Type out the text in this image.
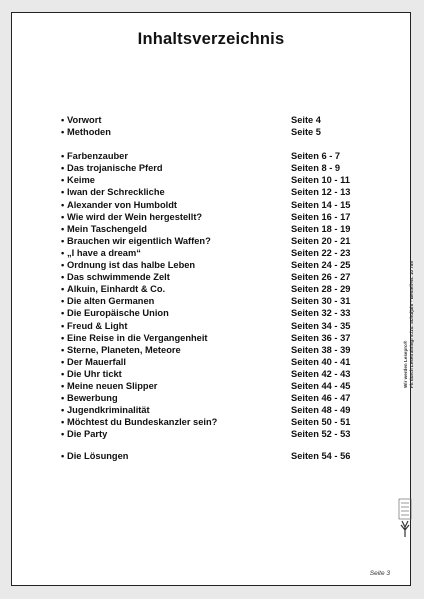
Inhaltsverzeichnis
• Vorwort	Seite 4
• Methoden	Seite 5
• Farbenzauber	Seiten 6 - 7
• Das trojanische Pferd	Seiten 8 - 9
• Keime	Seiten 10 - 11
• Iwan der Schreckliche	Seiten 12 - 13
• Alexander von Humboldt	Seiten 14 - 15
• Wie wird der Wein hergestellt?	Seiten 16 - 17
• Mein Taschengeld	Seiten 18 - 19
• Brauchen wir eigentlich Waffen?	Seiten 20 - 21
• „I have a dream“	Seiten 22 - 23
• Ordnung ist das halbe Leben	Seiten 24 - 25
• Das schwimmende Zelt	Seiten 26 - 27
• Alkuin, Einhardt & Co.	Seiten 28 - 29
• Die alten Germanen	Seiten 30 - 31
• Die Europäische Union	Seiten 32 - 33
• Freud & Light	Seiten 34 - 35
• Eine Reise in die Vergangenheit	Seiten 36 - 37
• Sterne, Planeten, Meteore	Seiten 38 - 39
• Der Mauerfall	Seiten 40 - 41
• Die Uhr tickt	Seiten 42 - 43
• Meine neuen Slipper	Seiten 44 - 45
• Bewerbung	Seiten 46 - 47
• Jugendkriminalität	Seiten 48 - 49
• Möchtest du Bundeskanzler sein?	Seiten 50 - 51
• Die Party	Seiten 52 - 53
• Die Lösungen	Seiten 54 - 56
Wir werden Lesepro® Fit durch Lesetraining! 9./10. Schuljahr - Bestell-Nr. 10 759
Seite 3
